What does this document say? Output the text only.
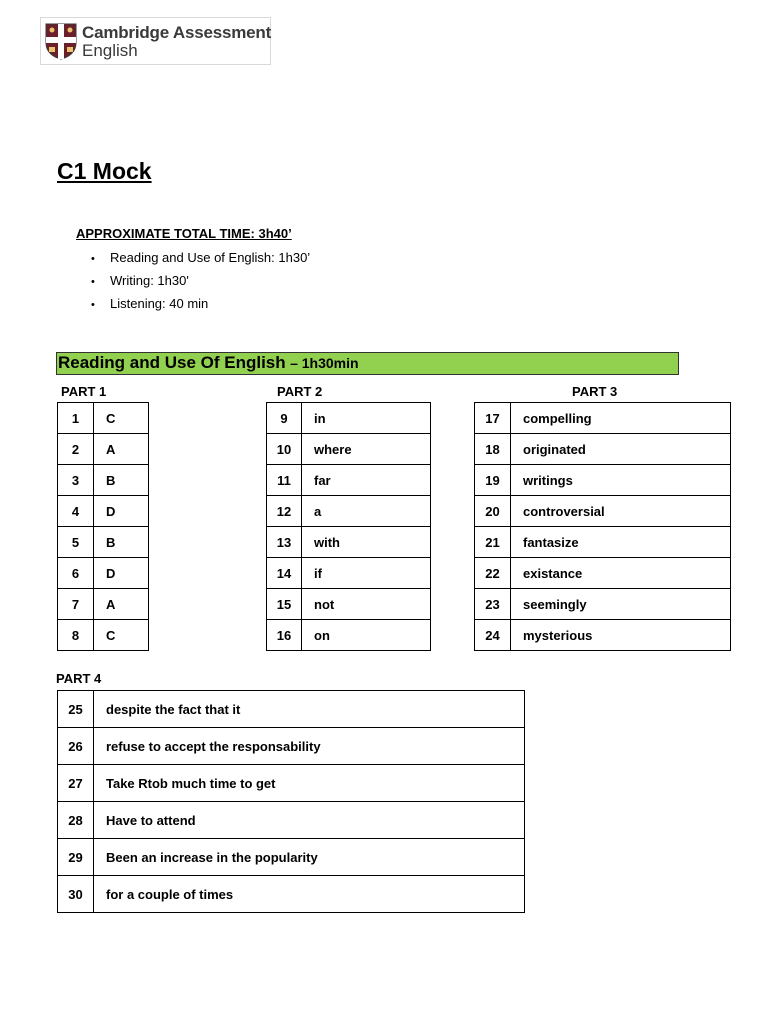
Cambridge Assessment
English
C1 Mock
APPROXIMATE TOTAL TIME: 3h40’
• Reading and Use of English: 1h30’
• Writing: 1h30'
• Listening: 40 min
Reading and Use Of English – 1h30min
PART 1	PART 2	PART 3
PART 4
1	C
2	A
3	B
4	D
5	B
6	D
7	A
8	C
9	in
10	where
11	far
12	a
13	with
14	if
15	not
16	on
17	compelling
18	originated
19	writings
20	controversial
21	fantasize
22	existance
23	seemingly
24	mysterious
25	despite the fact that it
26	refuse to accept the responsability
27	Take Rtob much time to get
28	Have to attend
29	Been an increase in the popularity
30	for a couple of times
